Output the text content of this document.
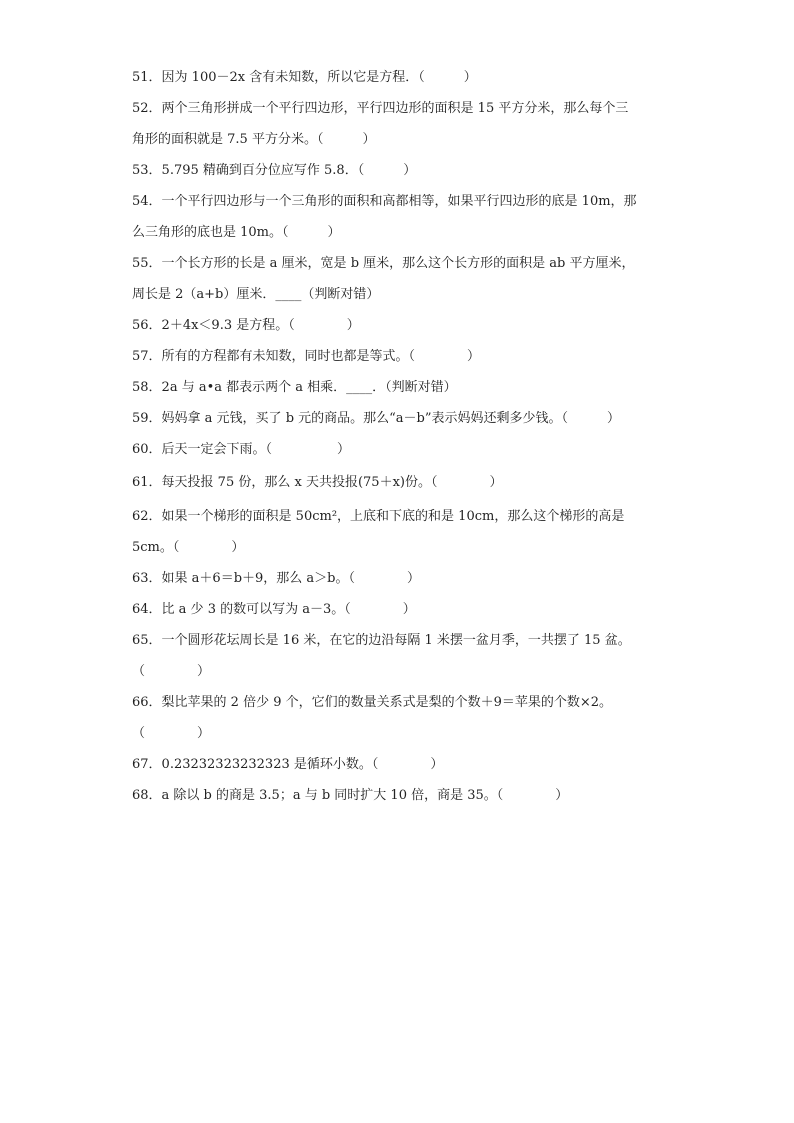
51．因为 100－2x 含有未知数，所以它是方程．（　　　）
52．两个三角形拼成一个平行四边形，平行四边形的面积是 15 平方分米，那么每个三
角形的面积就是 7.5 平方分米。（　　　）
53．5.795 精确到百分位应写作 5.8．（　　　）
54．一个平行四边形与一个三角形的面积和高都相等，如果平行四边形的底是 10m，那
么三角形的底也是 10m。（　　　）
55．一个长方形的长是 a 厘米，宽是 b 厘米，那么这个长方形的面积是 ab 平方厘米，
周长是 2（a+b）厘米．____（判断对错）
56．2＋4x＜9.3 是方程。（　　　　）
57．所有的方程都有未知数，同时也都是等式。（　　　　）
58．2a 与 a•a 都表示两个 a 相乘．____．（判断对错）
59．妈妈拿 a 元钱，买了 b 元的商品。那么“a－b”表示妈妈还剩多少钱。（　　　）
60．后天一定会下雨。（　　　　　）
61．每天投报 75 份，那么 x 天共投报(75＋x)份。（　　　　）
62．如果一个梯形的面积是 50cm²，上底和下底的和是 10cm，那么这个梯形的高是
5cm。（　　　　）
63．如果 a＋6＝b＋9，那么 a＞b。（　　　　）
64．比 a 少 3 的数可以写为 a－3。（　　　　）
65．一个圆形花坛周长是 16 米，在它的边沿每隔 1 米摆一盆月季，一共摆了 15 盆。
（　　　　）
66．梨比苹果的 2 倍少 9 个，它们的数量关系式是梨的个数＋9＝苹果的个数×2。
（　　　　）
67．0.23232323232323 是循环小数。（　　　　）
68．a 除以 b 的商是 3.5；a 与 b 同时扩大 10 倍，商是 35。（　　　　）
